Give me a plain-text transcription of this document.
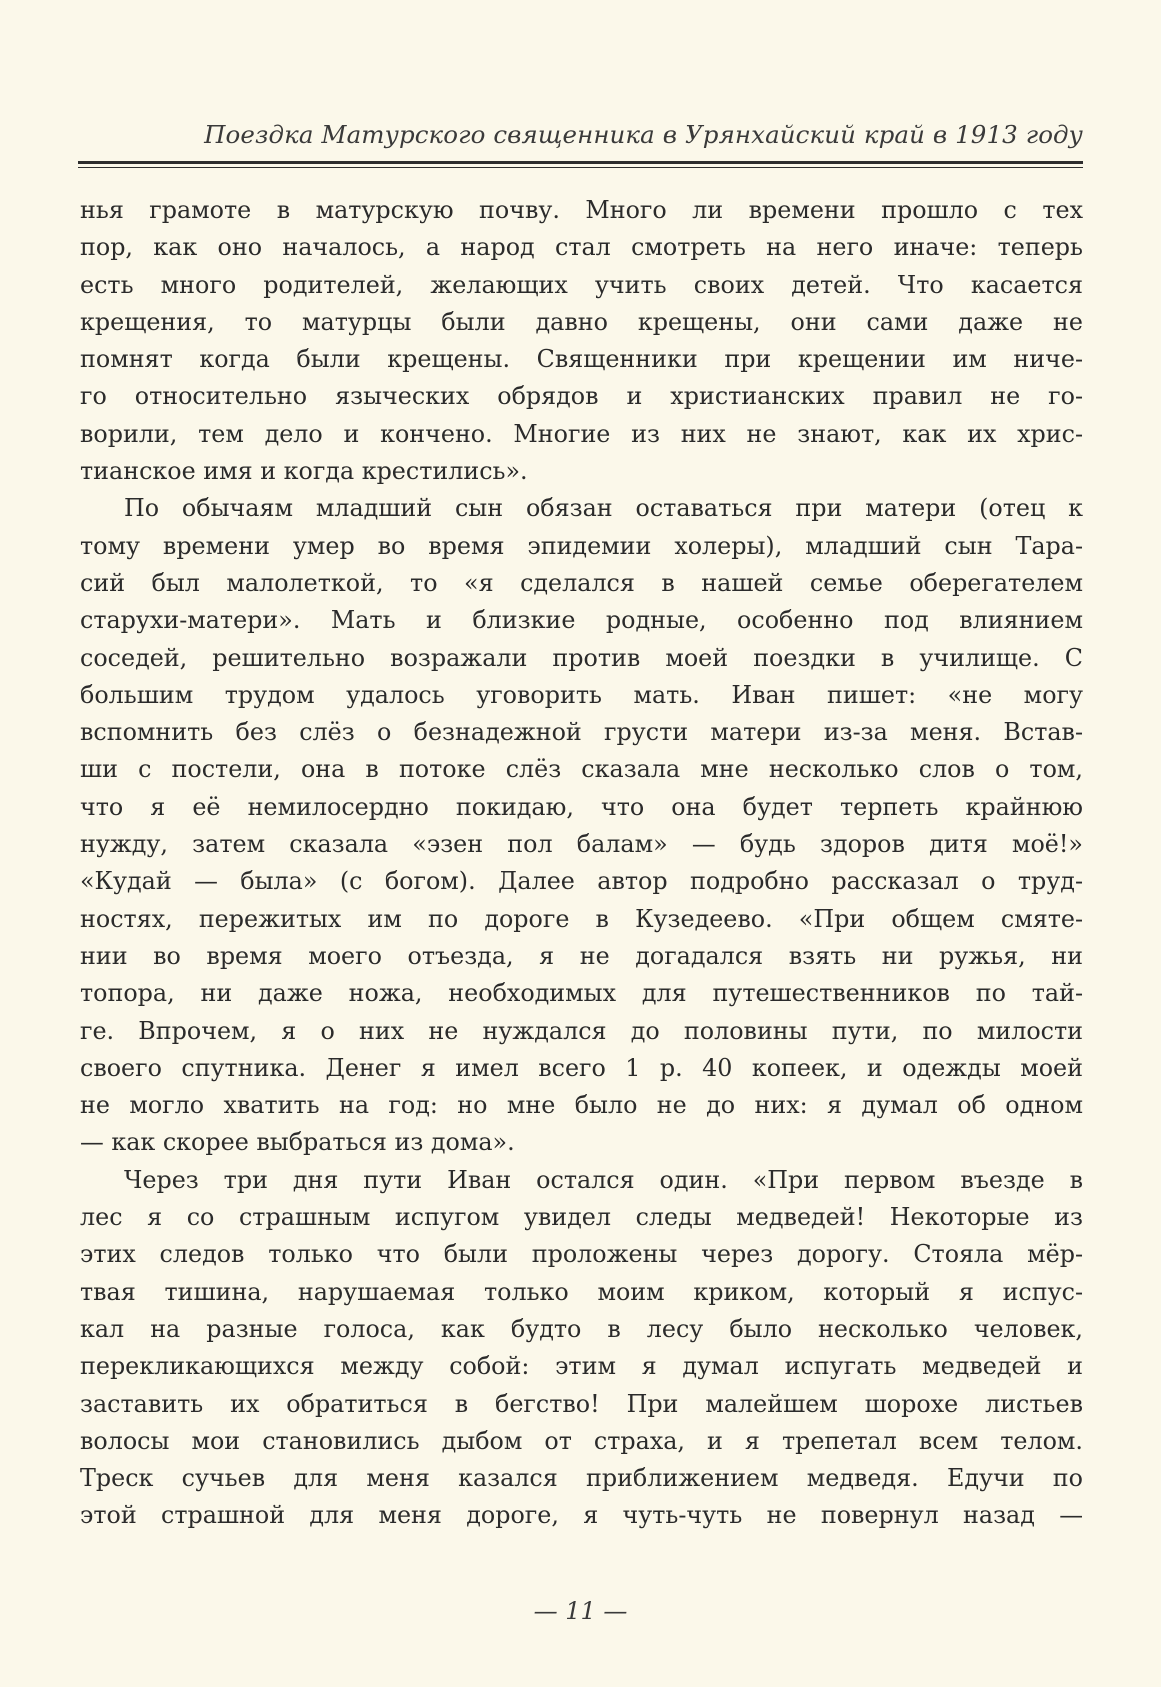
Поездка Матурского священника в Урянхайский край в 1913 году
нья грамоте в матурскую почву. Много ли времени прошло с тех
пор, как оно началось, а народ стал смотреть на него иначе: теперь
есть много родителей, желающих учить своих детей. Что касается
крещения, то матурцы были давно крещены, они сами даже не
помнят когда были крещены. Священники при крещении им ниче-
го относительно языческих обрядов и христианских правил не го-
ворили, тем дело и кончено. Многие из них не знают, как их хрис-
тианское имя и когда крестились».
По обычаям младший сын обязан оставаться при матери (отец к
тому времени умер во время эпидемии холеры), младший сын Тара-
сий был малолеткой, то «я сделался в нашей семье оберегателем
старухи-матери». Мать и близкие родные, особенно под влиянием
соседей, решительно возражали против моей поездки в училище. С
большим трудом удалось уговорить мать. Иван пишет: «не могу
вспомнить без слёз о безнадежной грусти матери из-за меня. Встав-
ши с постели, она в потоке слёз сказала мне несколько слов о том,
что я её немилосердно покидаю, что она будет терпеть крайнюю
нужду, затем сказала «эзен пол балам» — будь здоров дитя моё!»
«Кудай — была» (с богом). Далее автор подробно рассказал о труд-
ностях, пережитых им по дороге в Кузедеево. «При общем смяте-
нии во время моего отъезда, я не догадался взять ни ружья, ни
топора, ни даже ножа, необходимых для путешественников по тай-
ге. Впрочем, я о них не нуждался до половины пути, по милости
своего спутника. Денег я имел всего 1 р. 40 копеек, и одежды моей
не могло хватить на год: но мне было не до них: я думал об одном
— как скорее выбраться из дома».
Через три дня пути Иван остался один. «При первом въезде в
лес я со страшным испугом увидел следы медведей! Некоторые из
этих следов только что были проложены через дорогу. Стояла мёр-
твая тишина, нарушаемая только моим криком, который я испус-
кал на разные голоса, как будто в лесу было несколько человек,
перекликающихся между собой: этим я думал испугать медведей и
заставить их обратиться в бегство! При малейшем шорохе листьев
волосы мои становились дыбом от страха, и я трепетал всем телом.
Треск сучьев для меня казался приближением медведя. Едучи по
этой страшной для меня дороге, я чуть-чуть не повернул назад —
— 11 —
